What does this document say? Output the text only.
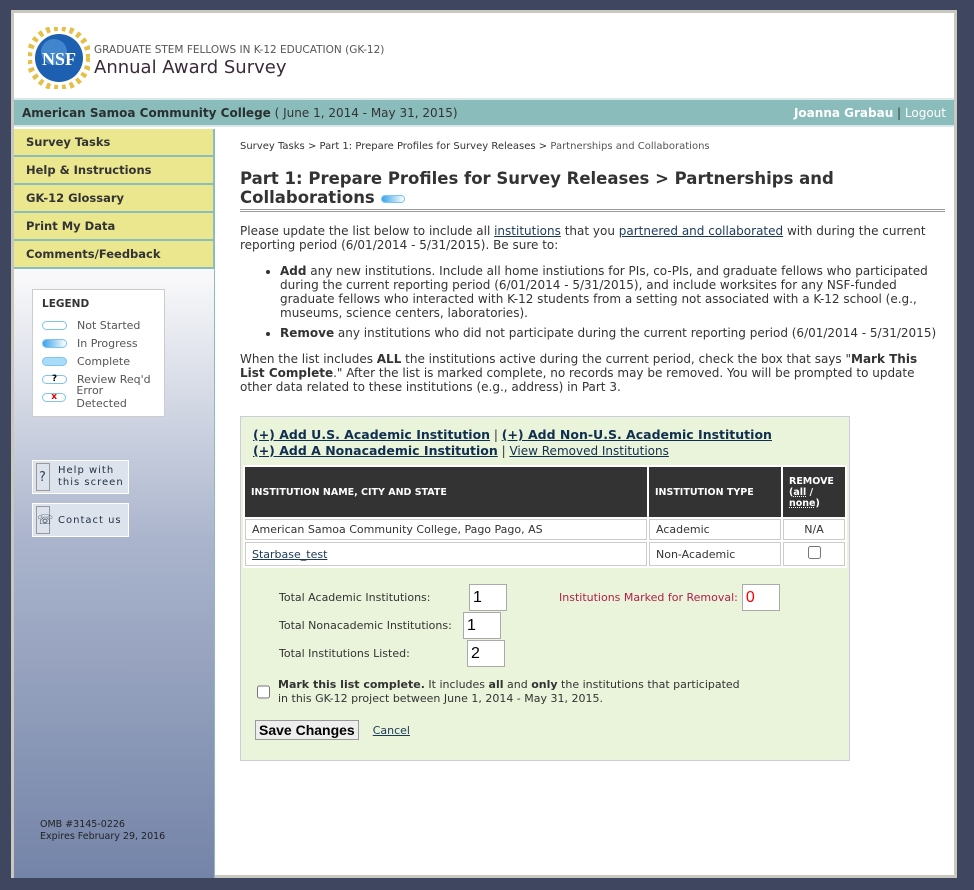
NSF GRADUATE STEM FELLOWS IN K-12 EDUCATION (GK-12)
Annual Award Survey
American Samoa Community College ( June 1, 2014 - May 31, 2015)	Joanna Grabau | Logout
Survey Tasks
Help & Instructions
GK-12 Glossary
Print My Data
Comments/Feedback
LEGEND
Not Started
In Progress
Complete
?	Review Req'd
x	Error Detected
?	Help with this screen
☏ Contact us
OMB #3145-0226
Expires February 29, 2016
Survey Tasks > Part 1: Prepare Profiles for Survey Releases > Partnerships and Collaborations
Part 1: Prepare Profiles for Survey Releases > Partnerships and Collaborations

Please update the list below to include all institutions that you partnered and collaborated with during the current reporting period (6/01/2014 - 5/31/2015). Be sure to:

• Add any new institutions. Include all home instiutions for PIs, co-PIs, and graduate fellows who participated during the current reporting period (6/01/2014 - 5/31/2015), and include worksites for any NSF-funded graduate fellows who interacted with K-12 students from a setting not associated with a K-12 school (e.g., museums, science centers, laboratories).
• Remove any institutions who did not participate during the current reporting period (6/01/2014 - 5/31/2015)

When the list includes ALL the institutions active during the current period, check the box that says "Mark This List Complete." After the list is marked complete, no records may be removed. You will be prompted to update other data related to these institutions (e.g., address) in Part 3.

(+) Add U.S. Academic Institution | (+) Add Non-U.S. Academic Institution
(+) Add A Nonacademic Institution | View Removed Institutions
INSTITUTION NAME, CITY AND STATE	INSTITUTION TYPE	REMOVE
(all /
none)
American Samoa Community College, Pago Pago, AS	Academic	N/A
Starbase_test	Non-Academic	
Total Academic Institutions:
1	Institutions Marked for Removal:
0
Total Nonacademic Institutions:
1
Total Institutions Listed:
2
Mark this list complete. It includes all and only the institutions that participated in this GK-12 project between June 1, 2014 - May 31, 2015.
Save Changes	Cancel
